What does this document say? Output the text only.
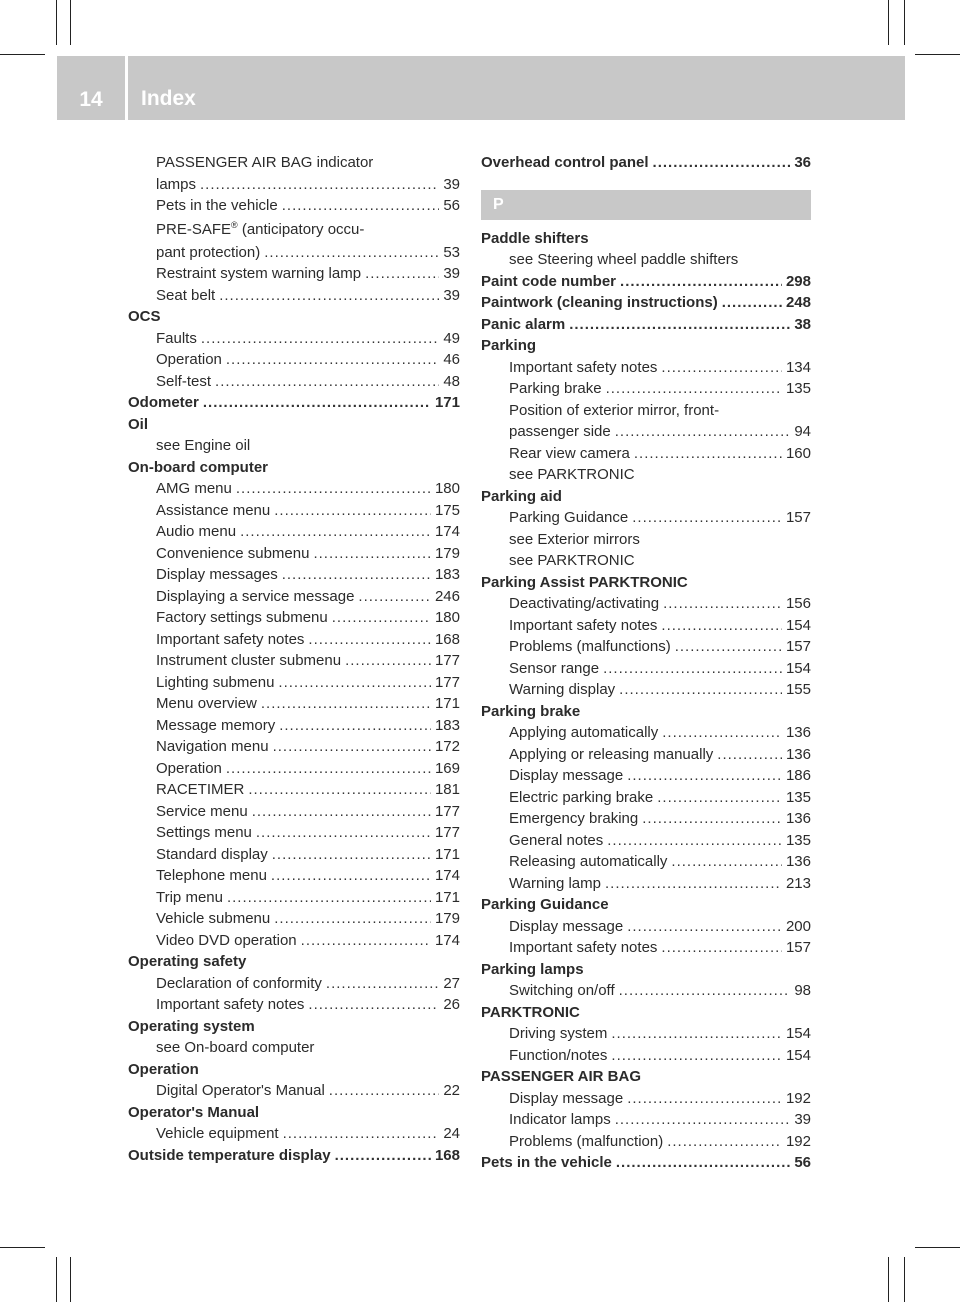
14	Index
PASSENGER AIR BAG indicator
lamps .....	39
Pets in the vehicle .....	56
PRE-SAFE® (anticipatory occu-
pant protection) .....	53
Restraint system warning lamp .....	39
Seat belt .....	39
OCS
Faults .....	49
Operation .....	46
Self-test .....	48
Odometer .....	171
Oil
see Engine oil
On-board computer
AMG menu .....	180
Assistance menu .....	175
Audio menu .....	174
Convenience submenu .....	179
Display messages .....	183
Displaying a service message .....	246
Factory settings submenu .....	180
Important safety notes .....	168
Instrument cluster submenu .....	177
Lighting submenu .....	177
Menu overview .....	171
Message memory .....	183
Navigation menu .....	172
Operation .....	169
RACETIMER .....	181
Service menu .....	177
Settings menu .....	177
Standard display .....	171
Telephone menu .....	174
Trip menu .....	171
Vehicle submenu .....	179
Video DVD operation .....	174
Operating safety
Declaration of conformity .....	27
Important safety notes .....	26
Operating system
see On-board computer
Operation
Digital Operator's Manual .....	22
Operator's Manual
Vehicle equipment .....	24
Outside temperature display .....	168
Overhead control panel .....	36
P
Paddle shifters
see Steering wheel paddle shifters
Paint code number .....	298
Paintwork (cleaning instructions) .....	248
Panic alarm .....	38
Parking
Important safety notes .....	134
Parking brake .....	135
Position of exterior mirror, front-
passenger side .....	94
Rear view camera .....	160
see PARKTRONIC
Parking aid
Parking Guidance .....	157
see Exterior mirrors
see PARKTRONIC
Parking Assist PARKTRONIC
Deactivating/activating .....	156
Important safety notes .....	154
Problems (malfunctions) .....	157
Sensor range .....	154
Warning display .....	155
Parking brake
Applying automatically .....	136
Applying or releasing manually .....	136
Display message .....	186
Electric parking brake .....	135
Emergency braking .....	136
General notes .....	135
Releasing automatically .....	136
Warning lamp .....	213
Parking Guidance
Display message .....	200
Important safety notes .....	157
Parking lamps
Switching on/off .....	98
PARKTRONIC
Driving system .....	154
Function/notes .....	154
PASSENGER AIR BAG
Display message .....	192
Indicator lamps .....	39
Problems (malfunction) .....	192
Pets in the vehicle .....	56
